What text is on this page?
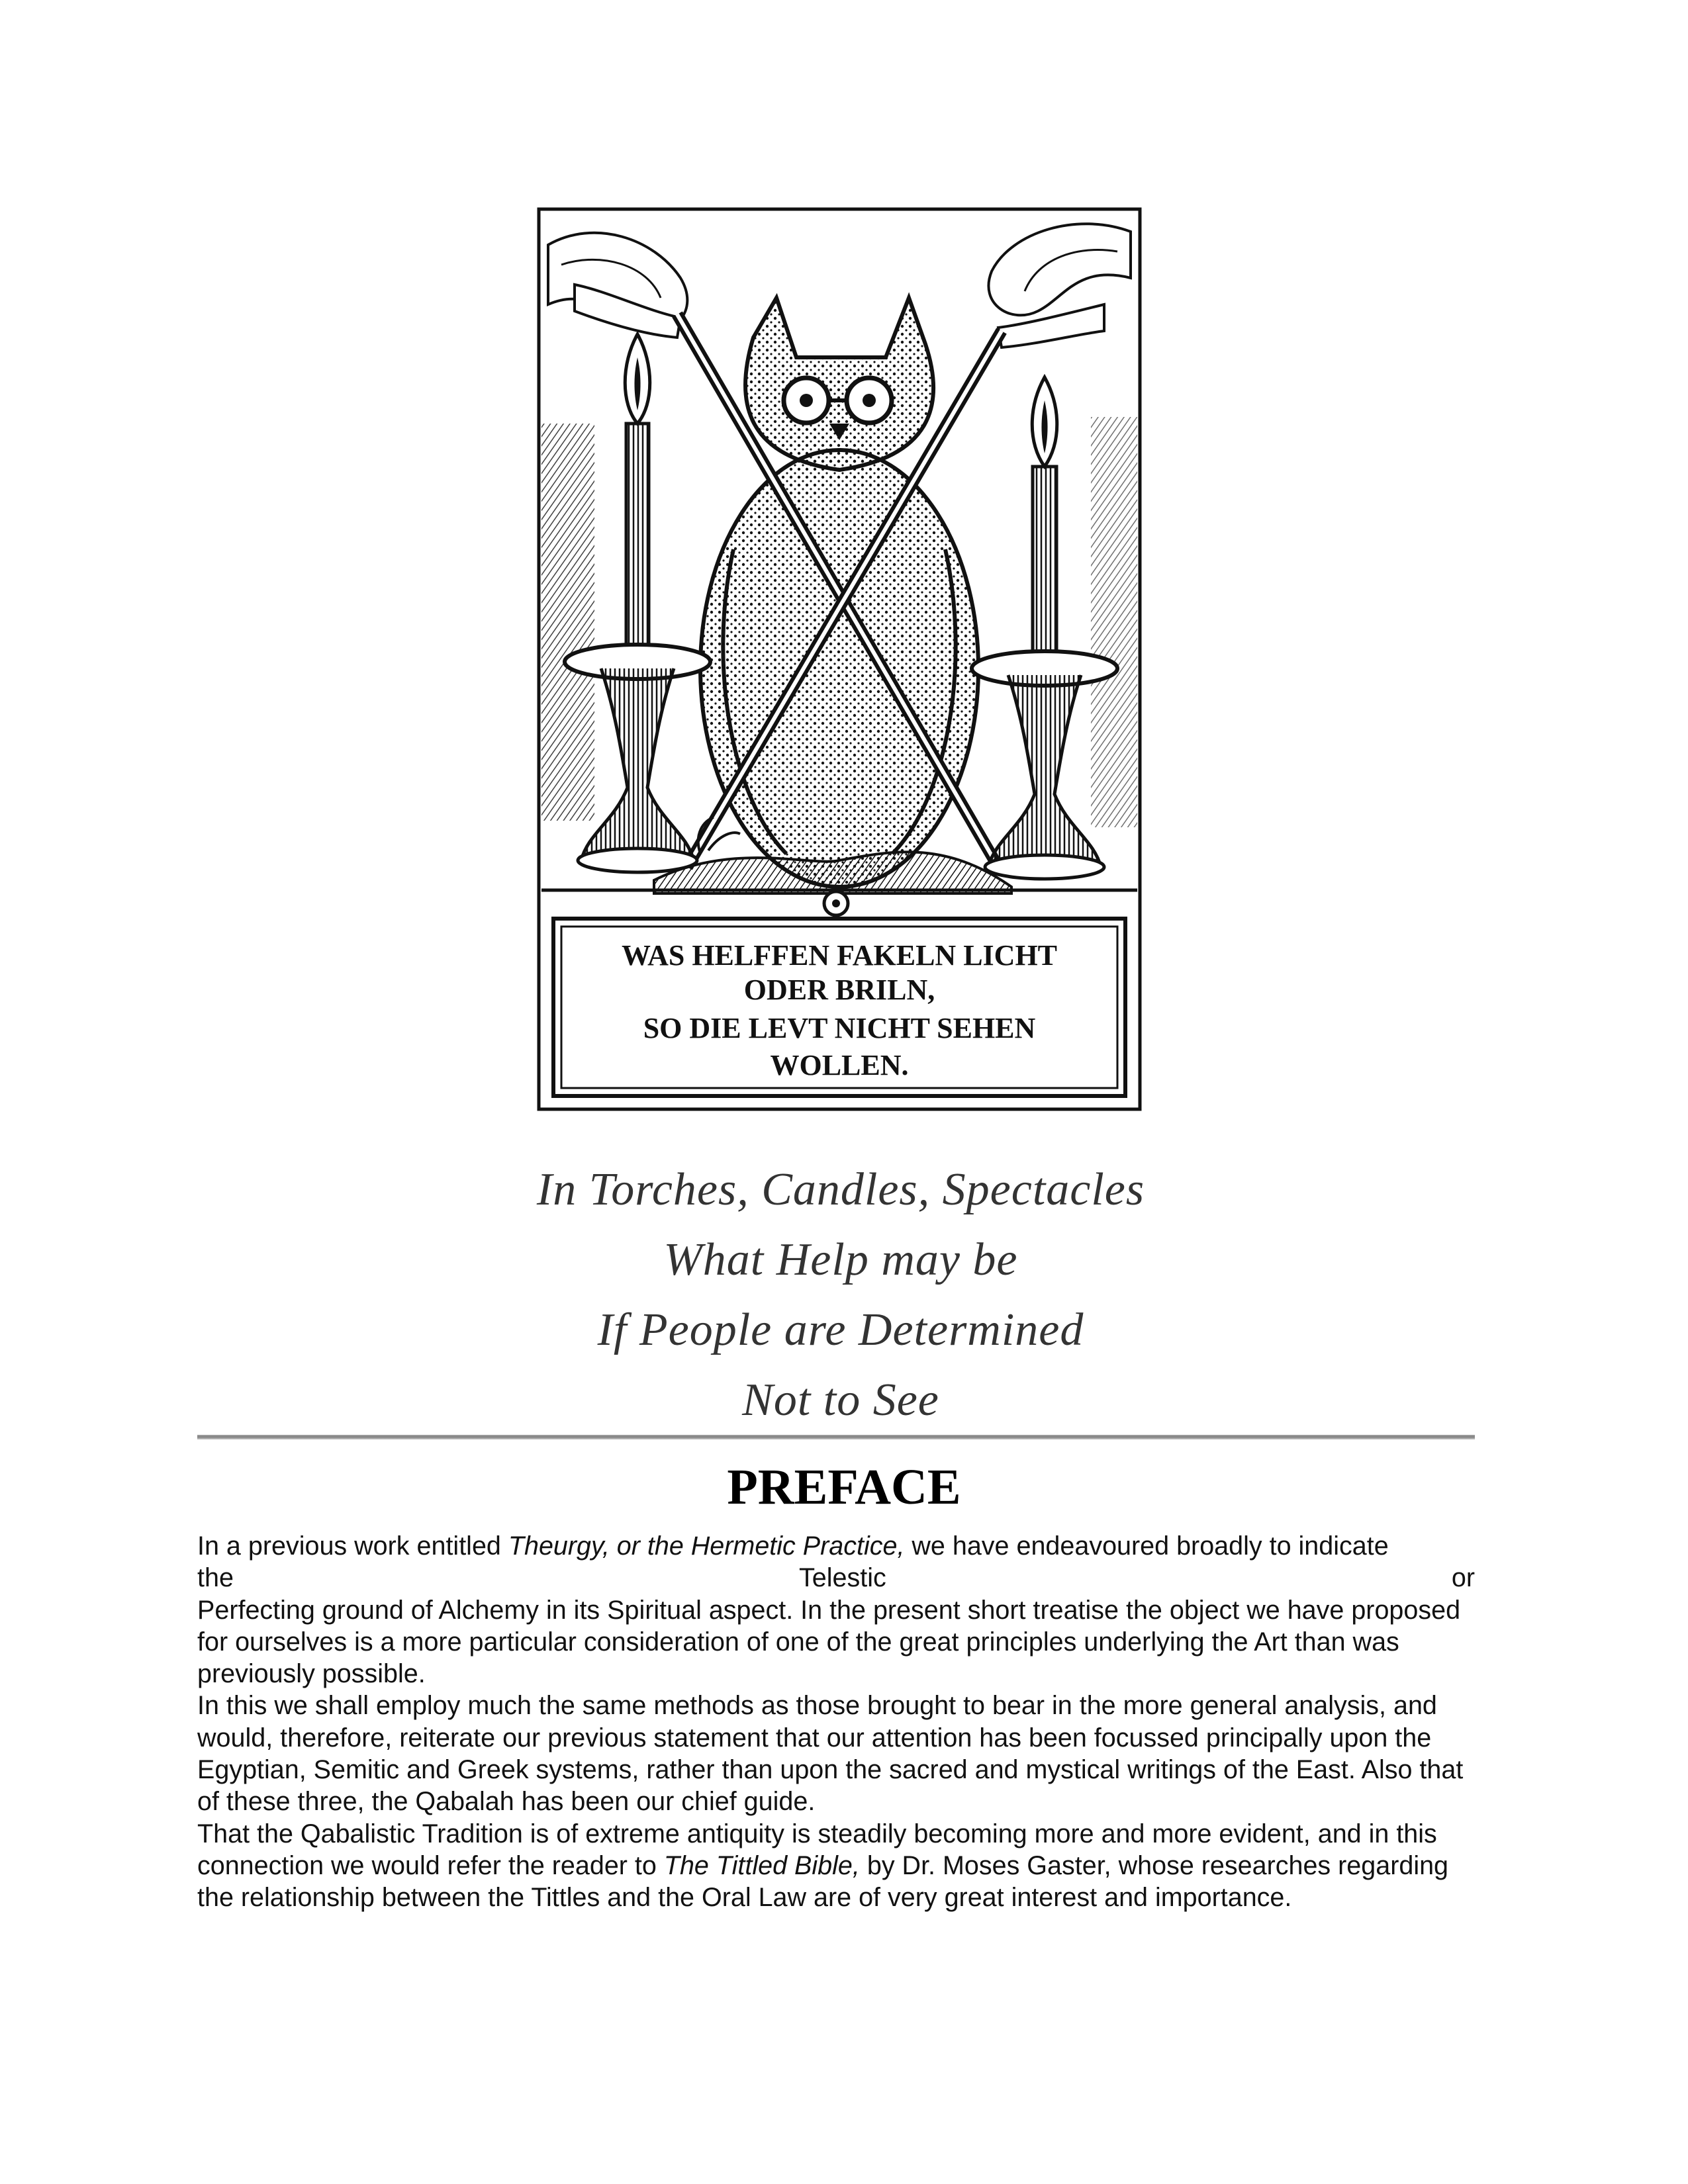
WAS HELFFEN FAKELN LICHT
ODER BRILN,
SO DIE LEVT NICHT SEHEN
WOLLEN.
In Torches, Candles, Spectacles
What Help may be
If People are Determined
Not to See
PREFACE

In a previous work entitled Theurgy, or the Hermetic Practice, we have endeavoured broadly to indicate

the	Telestic	or

Perfecting ground of Alchemy in its Spiritual aspect. In the present short treatise the object we have proposed for ourselves is a more particular consideration of one of the great principles underlying the Art than was previously possible.

In this we shall employ much the same methods as those brought to bear in the more general analysis, and would, therefore, reiterate our previous statement that our attention has been focussed principally upon the Egyptian, Semitic and Greek systems, rather than upon the sacred and mystical writings of the East. Also that of these three, the Qabalah has been our chief guide.

That the Qabalistic Tradition is of extreme antiquity is steadily becoming more and more evident, and in this connection we would refer the reader to The Tittled Bible, by Dr. Moses Gaster, whose researches regarding the relationship between the Tittles and the Oral Law are of very great interest and importance.
